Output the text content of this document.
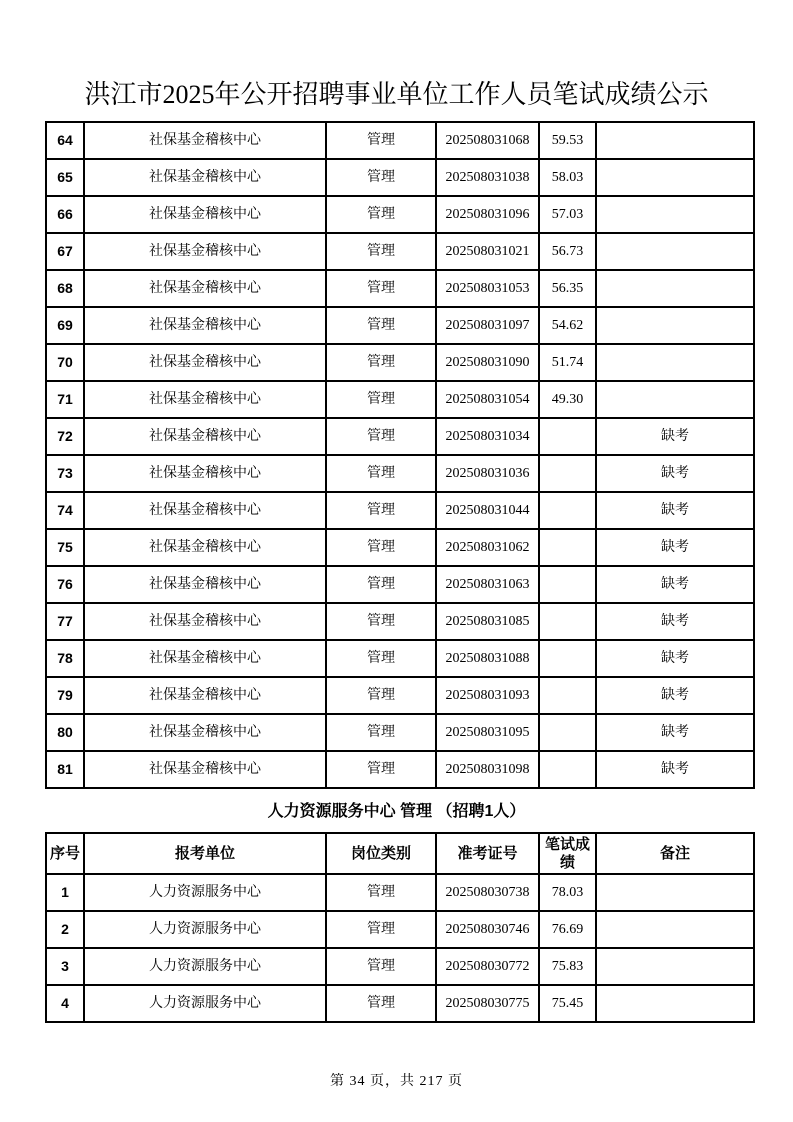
洪江市2025年公开招聘事业单位工作人员笔试成绩公示
64	社保基金稽核中心	管理	202508031068	59.53	
65	社保基金稽核中心	管理	202508031038	58.03	
66	社保基金稽核中心	管理	202508031096	57.03	
67	社保基金稽核中心	管理	202508031021	56.73	
68	社保基金稽核中心	管理	202508031053	56.35	
69	社保基金稽核中心	管理	202508031097	54.62	
70	社保基金稽核中心	管理	202508031090	51.74	
71	社保基金稽核中心	管理	202508031054	49.30	
72	社保基金稽核中心	管理	202508031034		缺考
73	社保基金稽核中心	管理	202508031036		缺考
74	社保基金稽核中心	管理	202508031044		缺考
75	社保基金稽核中心	管理	202508031062		缺考
76	社保基金稽核中心	管理	202508031063		缺考
77	社保基金稽核中心	管理	202508031085		缺考
78	社保基金稽核中心	管理	202508031088		缺考
79	社保基金稽核中心	管理	202508031093		缺考
80	社保基金稽核中心	管理	202508031095		缺考
81	社保基金稽核中心	管理	202508031098		缺考
人力资源服务中心 管理 （招聘1人）
序号	报考单位	岗位类别	准考证号	笔试成绩	备注
1	人力资源服务中心	管理	202508030738	78.03	
2	人力资源服务中心	管理	202508030746	76.69	
3	人力资源服务中心	管理	202508030772	75.83	
4	人力资源服务中心	管理	202508030775	75.45	
第 34 页，共 217 页
